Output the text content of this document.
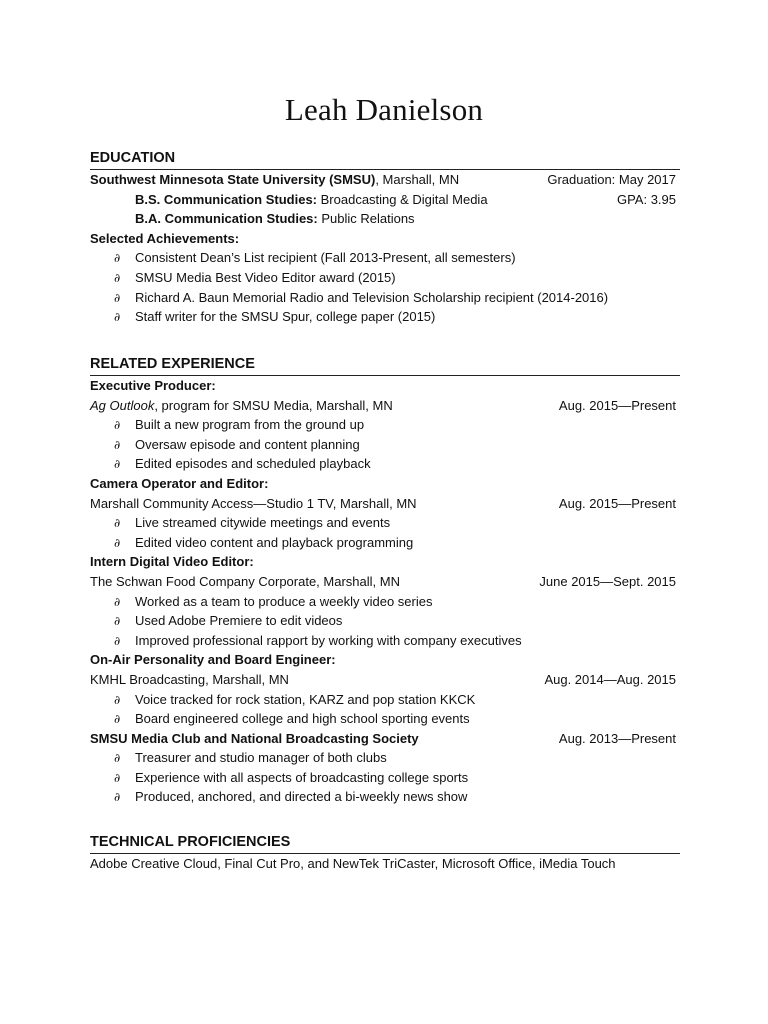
Leah Danielson
EDUCATION
Southwest Minnesota State University (SMSU), Marshall, MN	Graduation: May 2017
B.S. Communication Studies: Broadcasting & Digital Media	GPA: 3.95
B.A. Communication Studies: Public Relations
Selected Achievements:
∂ Consistent Dean’s List recipient (Fall 2013-Present, all semesters)
∂ SMSU Media Best Video Editor award (2015)
∂ Richard A. Baun Memorial Radio and Television Scholarship recipient (2014-2016)
∂ Staff writer for the SMSU Spur, college paper (2015)
RELATED EXPERIENCE
Executive Producer:
Ag Outlook, program for SMSU Media, Marshall, MN	Aug. 2015—Present
∂ Built a new program from the ground up
∂ Oversaw episode and content planning
∂ Edited episodes and scheduled playback
Camera Operator and Editor:
Marshall Community Access—Studio 1 TV, Marshall, MN	Aug. 2015—Present
∂ Live streamed citywide meetings and events
∂ Edited video content and playback programming
Intern Digital Video Editor:
The Schwan Food Company Corporate, Marshall, MN	June 2015—Sept. 2015
∂ Worked as a team to produce a weekly video series
∂ Used Adobe Premiere to edit videos
∂ Improved professional rapport by working with company executives
On-Air Personality and Board Engineer:
KMHL Broadcasting, Marshall, MN	Aug. 2014—Aug. 2015
∂ Voice tracked for rock station, KARZ and pop station KKCK
∂ Board engineered college and high school sporting events
SMSU Media Club and National Broadcasting Society	Aug. 2013—Present
∂ Treasurer and studio manager of both clubs
∂ Experience with all aspects of broadcasting college sports
∂ Produced, anchored, and directed a bi-weekly news show
TECHNICAL PROFICIENCIES
Adobe Creative Cloud, Final Cut Pro, and NewTek TriCaster, Microsoft Office, iMedia Touch
